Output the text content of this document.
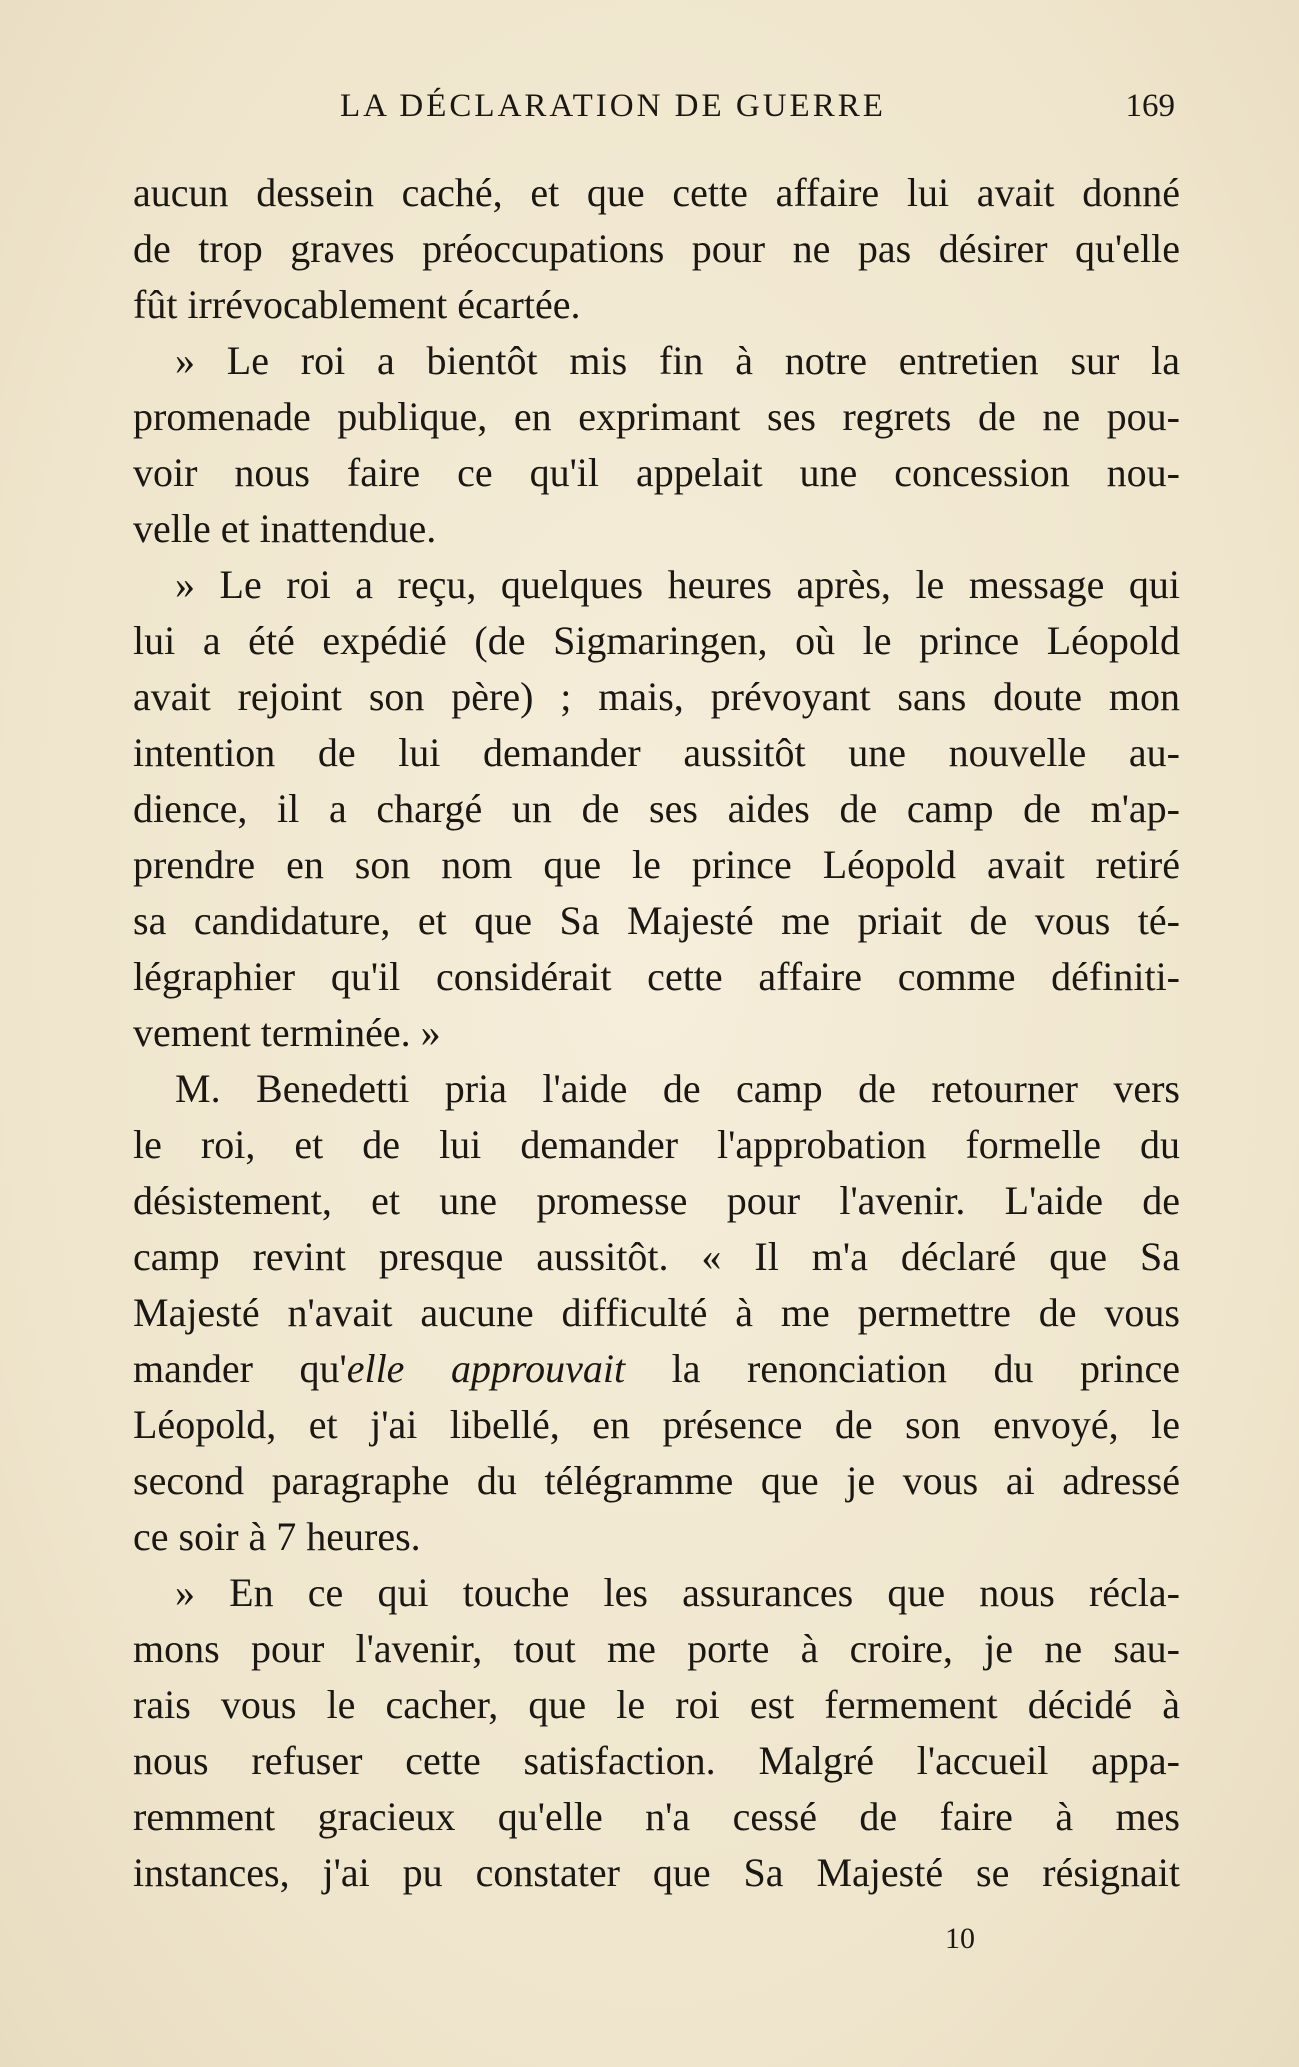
LA DÉCLARATION DE GUERRE	169
aucun dessein caché, et que cette affaire lui avait donné
de trop graves préoccupations pour ne pas désirer qu'elle
fût irrévocablement écartée.
» Le roi a bientôt mis fin à notre entretien sur la
promenade publique, en exprimant ses regrets de ne pou-
voir nous faire ce qu'il appelait une concession nou-
velle et inattendue.
» Le roi a reçu, quelques heures après, le message qui
lui a été expédié (de Sigmaringen, où le prince Léopold
avait rejoint son père) ; mais, prévoyant sans doute mon
intention de lui demander aussitôt une nouvelle au-
dience, il a chargé un de ses aides de camp de m'ap-
prendre en son nom que le prince Léopold avait retiré
sa candidature, et que Sa Majesté me priait de vous té-
légraphier qu'il considérait cette affaire comme définiti-
vement terminée. »
M. Benedetti pria l'aide de camp de retourner vers
le roi, et de lui demander l'approbation formelle du
désistement, et une promesse pour l'avenir. L'aide de
camp revint presque aussitôt. « Il m'a déclaré que Sa
Majesté n'avait aucune difficulté à me permettre de vous
mander qu'elle approuvait la renonciation du prince
Léopold, et j'ai libellé, en présence de son envoyé, le
second paragraphe du télégramme que je vous ai adressé
ce soir à 7 heures.
» En ce qui touche les assurances que nous récla-
mons pour l'avenir, tout me porte à croire, je ne sau-
rais vous le cacher, que le roi est fermement décidé à
nous refuser cette satisfaction. Malgré l'accueil appa-
remment gracieux qu'elle n'a cessé de faire à mes
instances, j'ai pu constater que Sa Majesté se résignait
10
